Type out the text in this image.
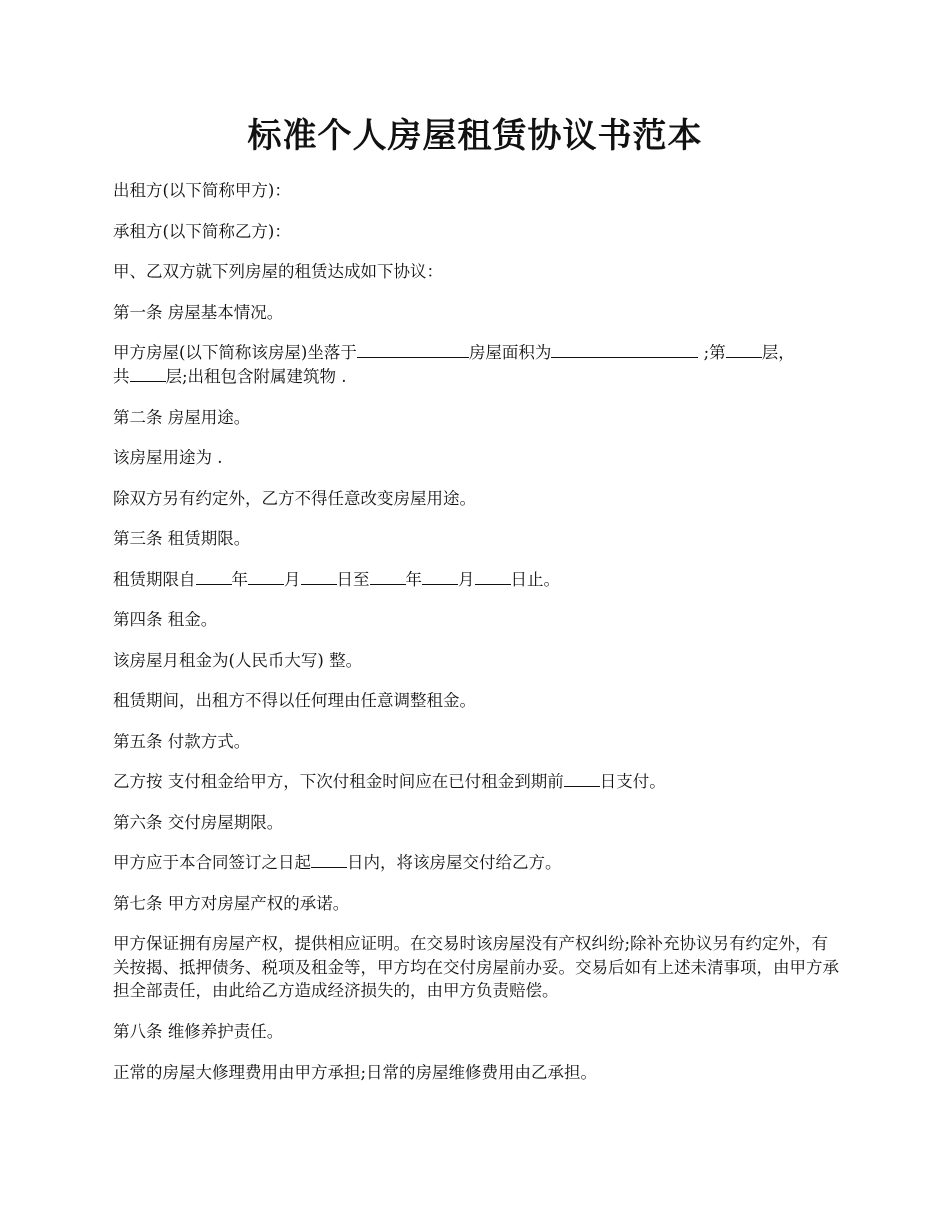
标准个人房屋租赁协议书范本
出租方(以下简称甲方)：
承租方(以下简称乙方)：
甲、乙双方就下列房屋的租赁达成如下协议：
第一条 房屋基本情况。
甲方房屋(以下简称该房屋)坐落于	房屋面积为	;第 层，
共 层;出租包含附属建筑物 .
第二条 房屋用途。
该房屋用途为 .
除双方另有约定外，乙方不得任意改变房屋用途。
第三条 租赁期限。
租赁期限自 年 月 日至 年 月 日止。
第四条 租金。
该房屋月租金为(人民币大写) 整。
租赁期间，出租方不得以任何理由任意调整租金。
第五条 付款方式。
乙方按 支付租金给甲方，下次付租金时间应在已付租金到期前 日支付。
第六条 交付房屋期限。
甲方应于本合同签订之日起 日内，将该房屋交付给乙方。
第七条 甲方对房屋产权的承诺。
甲方保证拥有房屋产权，提供相应证明。在交易时该房屋没有产权纠纷;除补充协议另有约定外，有关按揭、抵押债务、税项及租金等，甲方均在交付房屋前办妥。交易后如有上述未清事项，由甲方承担全部责任，由此给乙方造成经济损失的，由甲方负责赔偿。
第八条 维修养护责任。
正常的房屋大修理费用由甲方承担;日常的房屋维修费用由乙承担。
